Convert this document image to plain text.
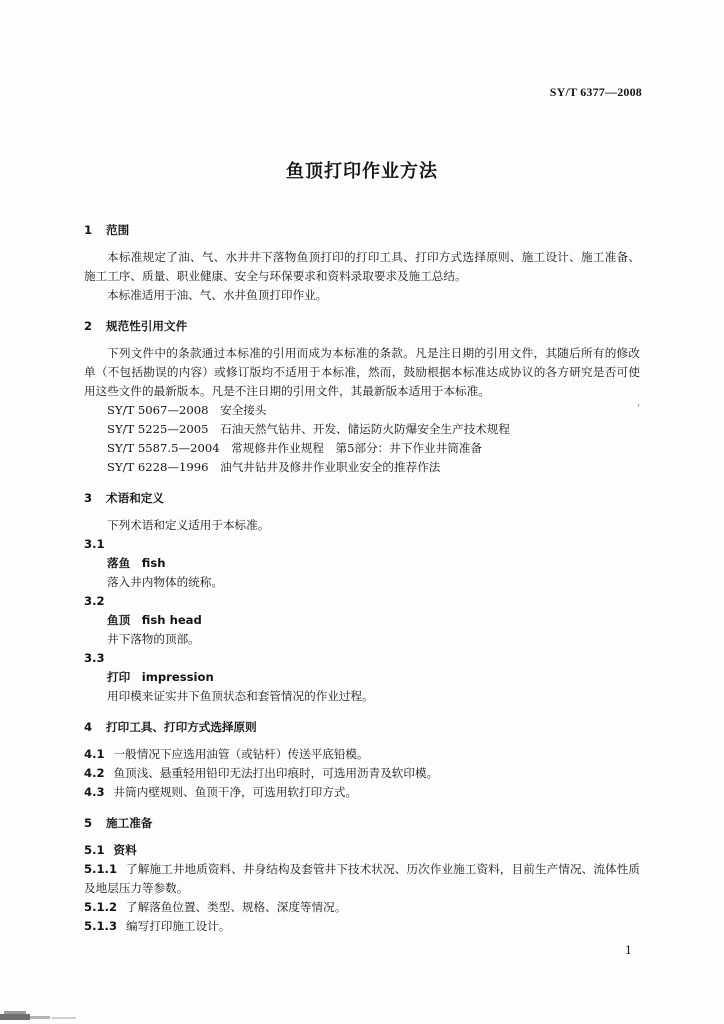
SY/T 6377—2008
鱼顶打印作业方法
1 范围

本标准规定了油、气、水井井下落物鱼顶打印的打印工具、打印方式选择原则、施工设计、施工准备、施工工序、质量、职业健康、安全与环保要求和资料录取要求及施工总结。

本标准适用于油、气、水井鱼顶打印作业。

2 规范性引用文件

下列文件中的条款通过本标准的引用而成为本标准的条款。凡是注日期的引用文件，其随后所有的修改单（不包括勘误的内容）或修订版均不适用于本标准，然而，鼓励根据本标准达成协议的各方研究是否可使用这些文件的最新版本。凡是不注日期的引用文件，其最新版本适用于本标准。

SY/T 5067—2008　安全接头

SY/T 5225—2005　石油天然气钻井、开发、储运防火防爆安全生产技术规程

SY/T 5587.5—2004　常规修井作业规程　第5部分：井下作业井筒准备

SY/T 6228—1996　油气井钻井及修井作业职业安全的推荐作法

3 术语和定义

下列术语和定义适用于本标准。

3.1

落鱼　fish

落入井内物体的统称。

3.2

鱼顶　fish head

井下落物的顶部。

3.3

打印　impression

用印模来证实井下鱼顶状态和套管情况的作业过程。

4 打印工具、打印方式选择原则

4.1 一般情况下应选用油管（或钻杆）传送平底铅模。

4.2 鱼顶浅、悬重轻用铅印无法打出印痕时，可选用沥青及软印模。

4.3 井筒内壁规则、鱼顶干净，可选用软打印方式。

5 施工准备

5.1 资料

5.1.1 了解施工井地质资料、井身结构及套管井下技术状况、历次作业施工资料，目前生产情况、流体性质及地层压力等参数。

5.1.2 了解落鱼位置、类型、规格、深度等情况。

5.1.3 编写打印施工设计。

ˈ
1
